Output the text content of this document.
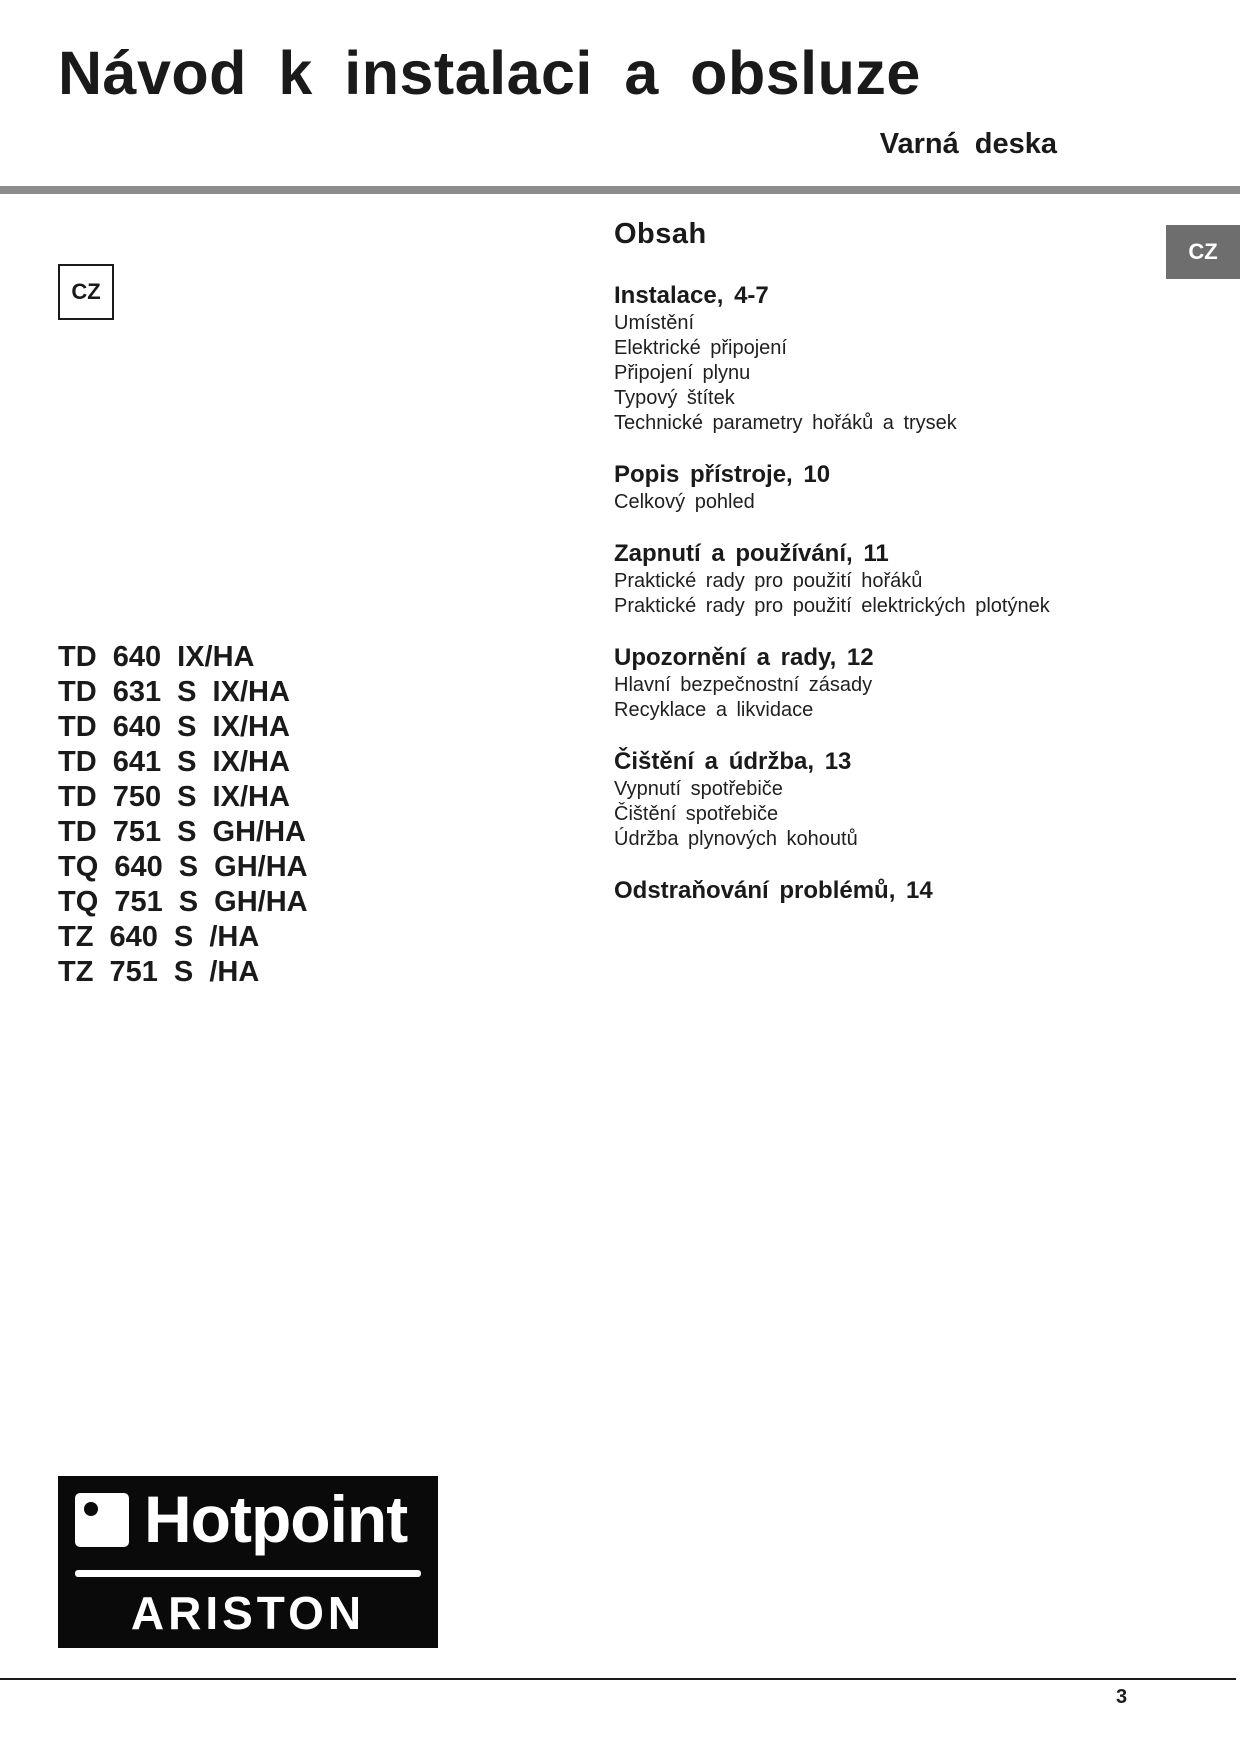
Návod k instalaci a obsluze
Varná deska
CZ
CZ
Obsah
Instalace, 4-7
Umístění
Elektrické připojení
Připojení plynu
Typový štítek
Technické parametry hořáků a trysek
Popis přístroje, 10
Celkový pohled
Zapnutí a používání, 11
Praktické rady pro použití hořáků
Praktické rady pro použití elektrických plotýnek
Upozornění a rady, 12
Hlavní bezpečnostní zásady
Recyklace a likvidace
Čištění a údržba, 13
Vypnutí spotřebiče
Čištění spotřebiče
Údržba plynových kohoutů
Odstraňování problémů, 14
TD 640 IX/HA
TD 631 S IX/HA
TD 640 S IX/HA
TD 641 S IX/HA
TD 750 S IX/HA
TD 751 S GH/HA
TQ 640 S GH/HA
TQ 751 S GH/HA
TZ 640 S /HA
TZ 751 S /HA
Hotpoint
ARISTON
3
